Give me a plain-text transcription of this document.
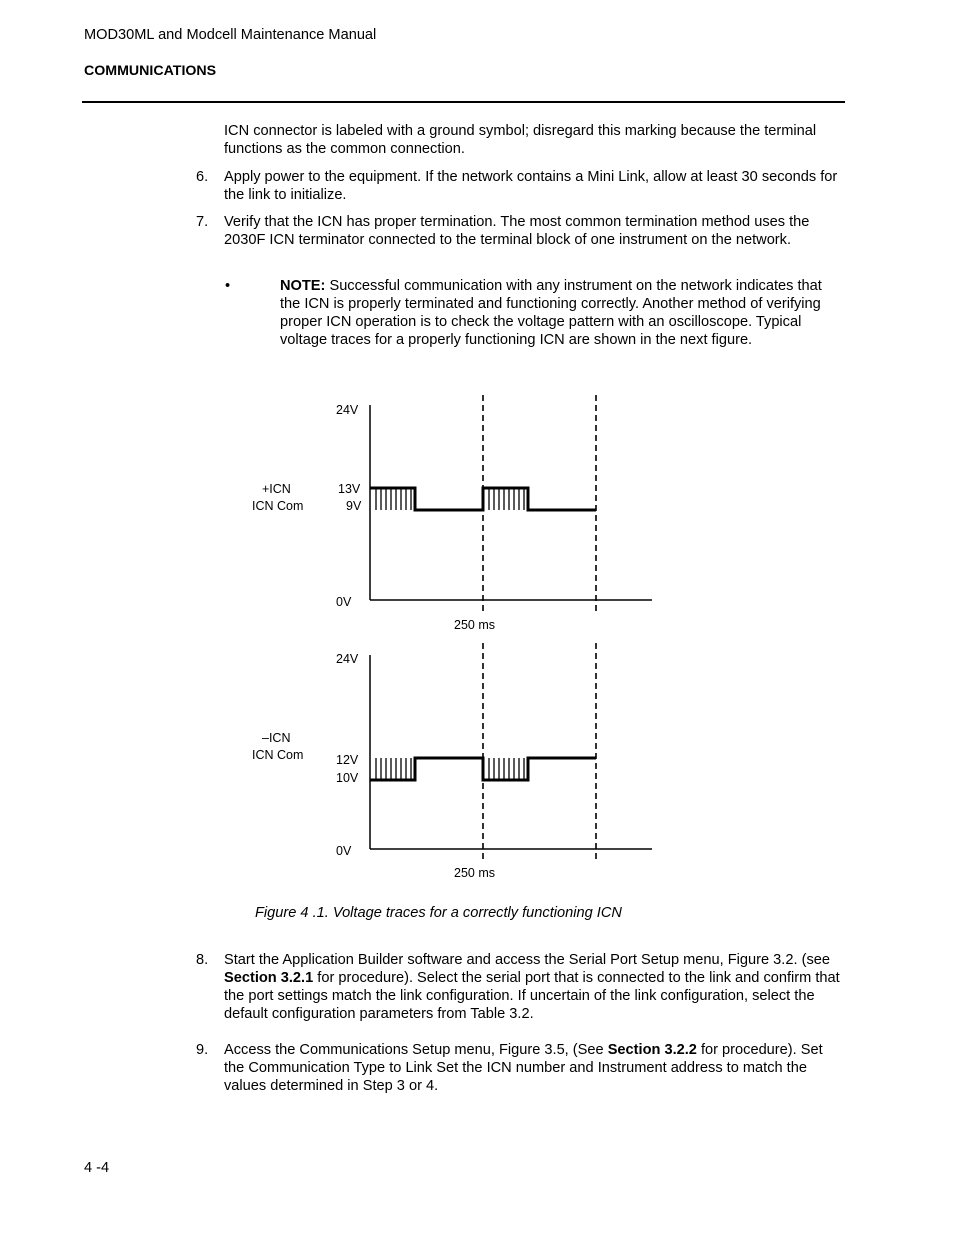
MOD30ML and Modcell Maintenance Manual
COMMUNICATIONS
ICN connector is labeled with a ground symbol; disregard this marking because the terminal functions as the common connection.
6.	Apply power to the equipment. If the network contains a Mini Link, allow at least 30 seconds for the link to initialize.
7.	Verify that the ICN has proper termination. The most common termination method uses the 2030F ICN terminator connected to the terminal block of one instrument on the network.
•	NOTE: Successful communication with any instrument on the network indicates that the ICN is properly terminated and functioning correctly. Another method of verifying proper ICN operation is to check the voltage pattern with an oscilloscope. Typical voltage traces for a properly functioning ICN are shown in the next figure.
24V
13V
9V
0V
+ICN
ICN Com
250 ms
24V
12V
10V
0V
–ICN
ICN Com
250 ms
Figure 4 .1. Voltage traces for a correctly functioning ICN
8.	Start the Application Builder software and access the Serial Port Setup menu, Figure 3.2. (see Section 3.2.1 for procedure). Select the serial port that is connected to the link and confirm that the port settings match the link configuration. If uncertain of the link configuration, select the default configuration parameters from Table 3.2.
9.	Access the Communications Setup menu, Figure 3.5, (See Section 3.2.2 for procedure). Set the Communication Type to Link Set the ICN number and Instrument address to match the values determined in Step 3 or 4.
4 -4
